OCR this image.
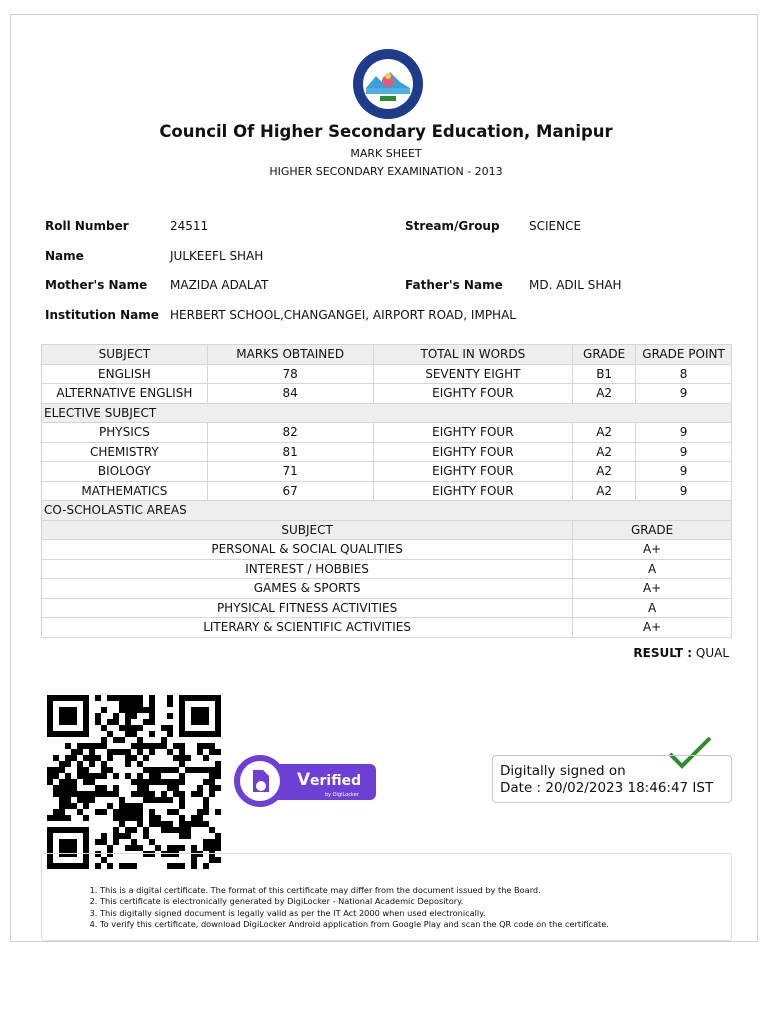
Council Of Higher Secondary Education, Manipur
MARK SHEET
HIGHER SECONDARY EXAMINATION - 2013
Roll Number	24511	Stream/Group SCIENCE
Name	JULKEEFL SHAH
Mother's Name MAZIDA ADALAT	Father's Name MD. ADIL SHAH
Institution Name HERBERT SCHOOL,CHANGANGEI, AIRPORT ROAD, IMPHAL
SUBJECT	MARKS OBTAINED	TOTAL IN WORDS	GRADE	GRADE POINT
ENGLISH	78	SEVENTY EIGHT	B1	8
ALTERNATIVE ENGLISH	84	EIGHTY FOUR	A2	9
ELECTIVE SUBJECT				
PHYSICS	82	EIGHTY FOUR	A2	9
CHEMISTRY	81	EIGHTY FOUR	A2	9
BIOLOGY	71	EIGHTY FOUR	A2	9
MATHEMATICS	67	EIGHTY FOUR	A2	9
CO-SCHOLASTIC AREAS				
SUBJECT			GRADE	
PERSONAL & SOCIAL QUALITIES			A+	
INTEREST / HOBBIES			A	
GAMES & SPORTS			A+	
PHYSICAL FITNESS ACTIVITIES			A	
LITERARY & SCIENTIFIC ACTIVITIES			A+	
RESULT : QUAL
V erified
by DigiLocker
Digitally signed on
Date : 20/02/2023 18:46:47 IST
1. This is a digital certificate. The format of this certificate may differ from the document issued by the Board.
2. This certificate is electronically generated by DigiLocker - National Academic Depository.
3. This digitally signed document is legally valid as per the IT Act 2000 when used electronically.
4. To verify this certificate, download DigiLocker Android application from Google Play and scan the QR code on the certificate.
